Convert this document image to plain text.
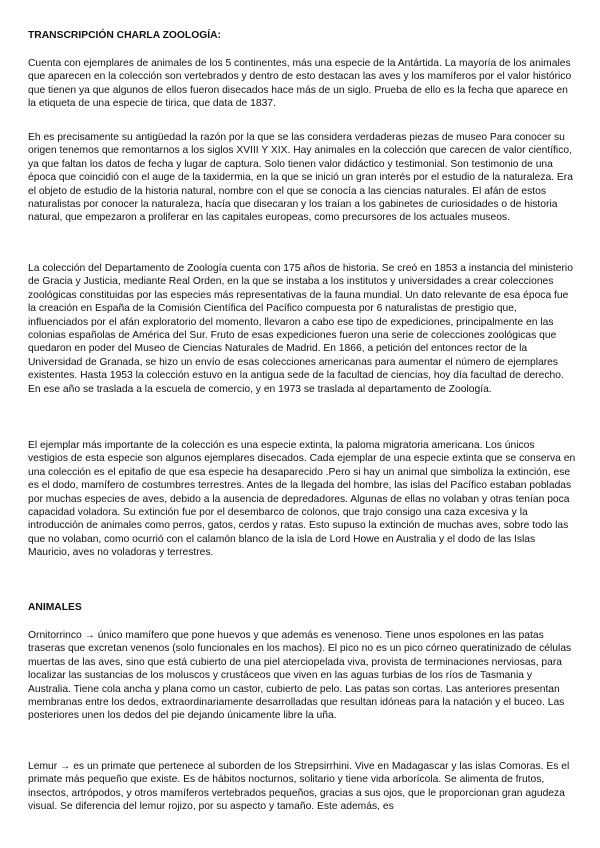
TRANSCRIPCIÓN CHARLA ZOOLOGÍA:

Cuenta con ejemplares de animales de los 5 continentes, más una especie de la Antártida. La mayoría de los animales que aparecen en la colección son vertebrados y dentro de esto destacan las aves y los mamíferos por el valor histórico que tienen ya que algunos de ellos fueron disecados hace más de un siglo. Prueba de ello es la fecha que aparece en la etiqueta de una especie de tirica, que data de 1837.

Eh es precisamente su antigüedad la razón por la que se las considera verdaderas piezas de museo Para conocer su origen tenemos que remontarnos a los siglos XVIII Y XIX. Hay animales en la colección que carecen de valor científico, ya que faltan los datos de fecha y lugar de captura. Solo tienen valor didáctico y testimonial. Son testimonio de una época que coincidió con el auge de la taxidermia, en la que se inició un gran interés por el estudio de la naturaleza. Era el objeto de estudio de la historia natural, nombre con el que se conocía a las ciencias naturales. El afán de estos naturalistas por conocer la naturaleza, hacía que disecaran y los traían a los gabinetes de curiosidades o de historia natural, que empezaron a proliferar en las capitales europeas, como precursores de los actuales museos.

La colección del Departamento de Zoología cuenta con 175 años de historia. Se creó en 1853 a instancia del ministerio de Gracia y Justicia, mediante Real Orden, en la que se instaba a los institutos y universidades a crear colecciones zoológicas constituidas por las especies más representativas de la fauna mundial. Un dato relevante de esa época fue la creación en España de la Comisión Científica del Pacífico compuesta por 6 naturalistas de prestigio que, influenciados por el afán exploratorio del momento, llevaron a cabo ese tipo de expediciones, principalmente en las colonias españolas de América del Sur. Fruto de esas expediciones fueron una serie de colecciones zoológicas que quedaron en poder del Museo de Ciencias Naturales de Madrid. En 1866, a petición del entonces rector de la Universidad de Granada, se hizo un envío de esas colecciones americanas para aumentar el número de ejemplares existentes. Hasta 1953 la colección estuvo en la antigua sede de la facultad de ciencias, hoy día facultad de derecho. En ese año se traslada a la escuela de comercio, y en 1973 se traslada al departamento de Zoología.

El ejemplar más importante de la colección es una especie extinta, la paloma migratoria americana. Los únicos vestigios de esta especie son algunos ejemplares disecados. Cada ejemplar de una especie extinta que se conserva en una colección es el epitafio de que esa especie ha desaparecido .Pero si hay un animal que simboliza la extinción, ese es el dodo, mamífero de costumbres terrestres. Antes de la llegada del hombre, las islas del Pacífico estaban pobladas por muchas especies de aves, debido a la ausencia de depredadores. Algunas de ellas no volaban y otras tenían poca capacidad voladora. Su extinción fue por el desembarco de colonos, que trajo consigo una caza excesiva y la introducción de animales como perros, gatos, cerdos y ratas. Esto supuso la extinción de muchas aves, sobre todo las que no volaban, como ocurrió con el calamón blanco de la isla de Lord Howe en Australia y el dodo de las Islas Mauricio, aves no voladoras y terrestres.

ANIMALES

Ornitorrinco → único mamífero que pone huevos y que además es venenoso. Tiene unos espolones en las patas traseras que excretan venenos (solo funcionales en los machos). El pico no es un pico córneo queratinizado de células muertas de las aves, sino que está cubierto de una piel aterciopelada viva, provista de terminaciones nerviosas, para localizar las sustancias de los moluscos y crustáceos que viven en las aguas turbias de los ríos de Tasmania y Australia. Tiene cola ancha y plana como un castor, cubierto de pelo. Las patas son cortas. Las anteriores presentan membranas entre los dedos, extraordinariamente desarrolladas que resultan idóneas para la natación y el buceo. Las posteriores unen los dedos del pie dejando únicamente libre la uña.

Lemur → es un primate que pertenece al suborden de los Strepsirrhini. Vive en Madagascar y las islas Comoras. Es el primate más pequeño que existe. Es de hábitos nocturnos, solitario y tiene vida arborícola. Se alimenta de frutos, insectos, artrópodos, y otros mamíferos vertebrados pequeños, gracias a sus ojos, que le proporcionan gran agudeza visual. Se diferencia del lemur rojizo, por su aspecto y tamaño. Este además, es
